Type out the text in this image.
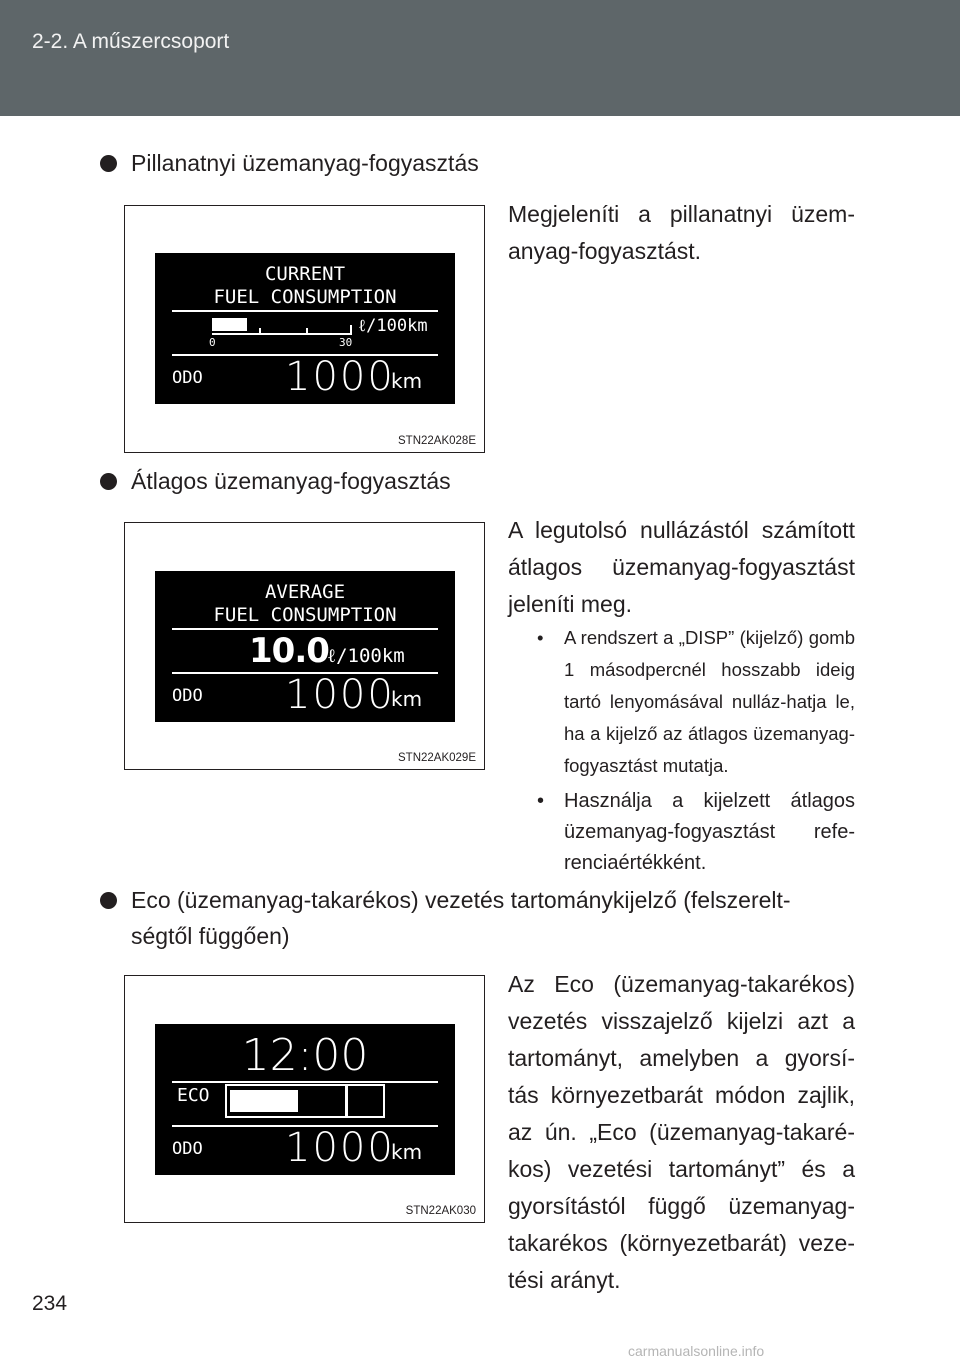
2-2. A műszercsoport
Pillanatnyi üzemanyag-fogyasztás
CURRENT
FUEL CONSUMPTION
ℓ/100km
0	30
ODO 1000
km
STN22AK028E
Megjeleníti a pillanatnyi üzem-anyag-fogyasztást.
Átlagos üzemanyag-fogyasztás
AVERAGE
FUEL CONSUMPTION
10.0
ℓ/100km
ODO 1000
km
STN22AK029E
A legutolsó nullázástól számított átlagos üzemanyag-fogyasztást jeleníti meg.
• A rendszert a „DISP” (kijelző) gomb 1 másodpercnél hosszabb ideig tartó lenyomásával nulláz-hatja le, ha a kijelző az átlagos üzemanyag-fogyasztást mutatja.
• Használja a kijelzett átlagos üzemanyag-fogyasztást refe-renciaértékként.
Eco (üzemanyag-takarékos) vezetés tartománykijelző (felszerelt-
ségtől függően)
12:00
ECO
ODO 1000
km
STN22AK030
Az Eco (üzemanyag-takarékos) vezetés visszajelző kijelzi azt a tartományt, amelyben a gyorsí-tás környezetbarát módon zajlik, az ún. „Eco (üzemanyag-takaré-kos) vezetési tartományt” és a gyorsítástól függő üzemanyag-takarékos (környezetbarát) veze-tési arányt.
234
carmanualsonline.info
